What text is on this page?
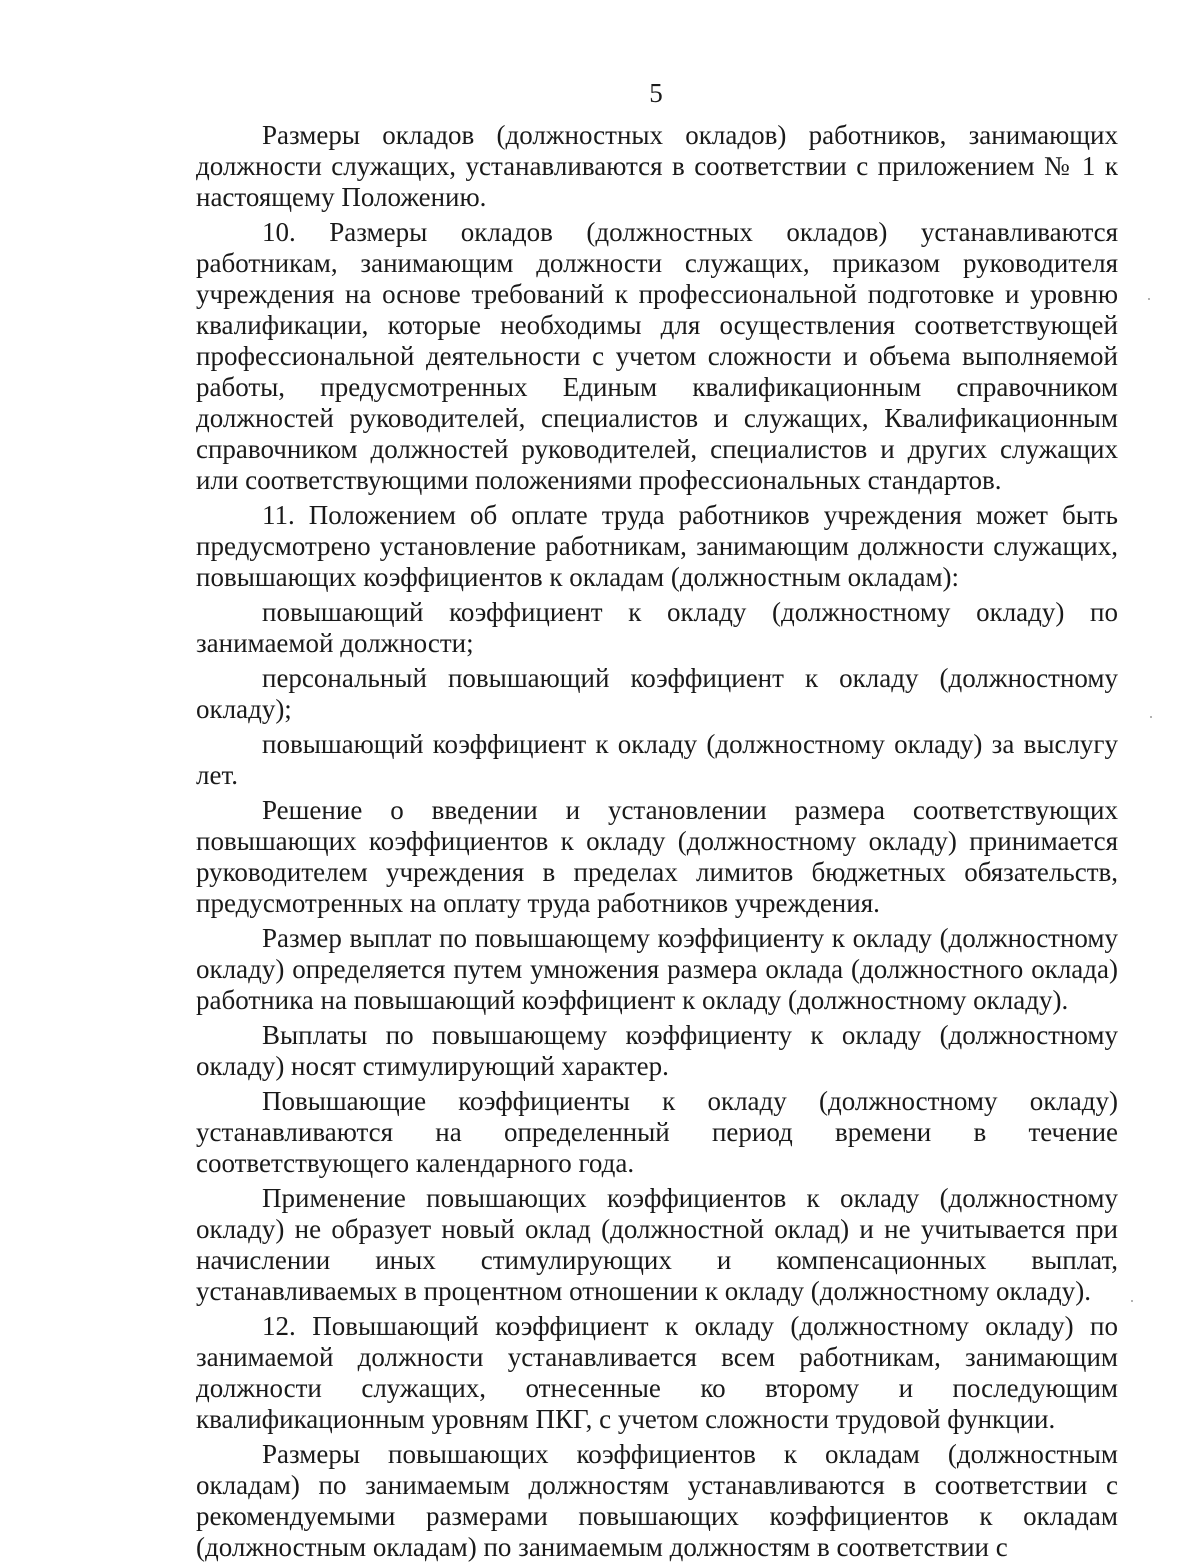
5

Размеры окладов (должностных окладов) работников, занимающих должности служащих, устанавливаются в соответствии с приложением № 1 к настоящему Положению.

10. Размеры окладов (должностных окладов) устанавливаются работникам, занимающим должности служащих, приказом руководителя учреждения на основе требований к профессиональной подготовке и уровню квалификации, которые необходимы для осуществления соответствующей профессиональной деятельности с учетом сложности и объема выполняемой работы, предусмотренных Единым квалификационным справочником должностей руководителей, специалистов и служащих, Квалификационным справочником должностей руководителей, специалистов и других служащих или соответствующими положениями профессиональных стандартов.

11. Положением об оплате труда работников учреждения может быть предусмотрено установление работникам, занимающим должности служащих, повышающих коэффициентов к окладам (должностным окладам):

повышающий коэффициент к окладу (должностному окладу) по занимаемой должности;

персональный повышающий коэффициент к окладу (должностному окладу);

повышающий коэффициент к окладу (должностному окладу) за выслугу лет.

Решение о введении и установлении размера соответствующих повышающих коэффициентов к окладу (должностному окладу) принимается руководителем учреждения в пределах лимитов бюджетных обязательств, предусмотренных на оплату труда работников учреждения.

Размер выплат по повышающему коэффициенту к окладу (должностному окладу) определяется путем умножения размера оклада (должностного оклада) работника на повышающий коэффициент к окладу (должностному окладу).

Выплаты по повышающему коэффициенту к окладу (должностному окладу) носят стимулирующий характер.

Повышающие коэффициенты к окладу (должностному окладу) устанавливаются на определенный период времени в течение соответствующего календарного года.

Применение повышающих коэффициентов к окладу (должностному окладу) не образует новый оклад (должностной оклад) и не учитывается при начислении иных стимулирующих и компенсационных выплат, устанавливаемых в процентном отношении к окладу (должностному окладу).

12. Повышающий коэффициент к окладу (должностному окладу) по занимаемой должности устанавливается всем работникам, занимающим должности служащих, отнесенные ко второму и последующим квалификационным уровням ПКГ, с учетом сложности трудовой функции.

Размеры повышающих коэффициентов к окладам (должностным окладам) по занимаемым должностям устанавливаются в соответствии с рекомендуемыми размерами повышающих коэффициентов к окладам (должностным окладам) по занимаемым должностям в соответствии с
